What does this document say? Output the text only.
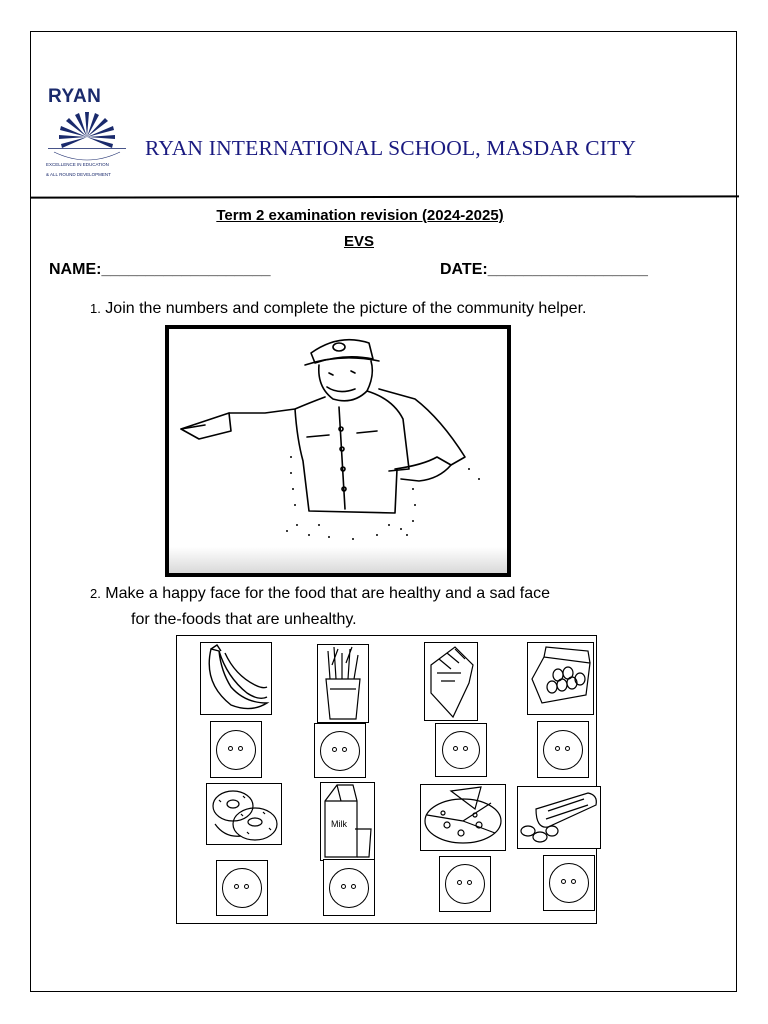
RYAN
EXCELLENCE IN EDUCATION
& ALL ROUND DEVELOPMENT
RYAN INTERNATIONAL SCHOOL, MASDAR CITY
Term 2 examination revision (2024-2025)
EVS
NAME:___________________	DATE:__________________
1. Join the numbers and complete the picture of the community helper.
2. Make a happy face for the food that are healthy and a sad face
for the-foods that are unhealthy.
Milk
